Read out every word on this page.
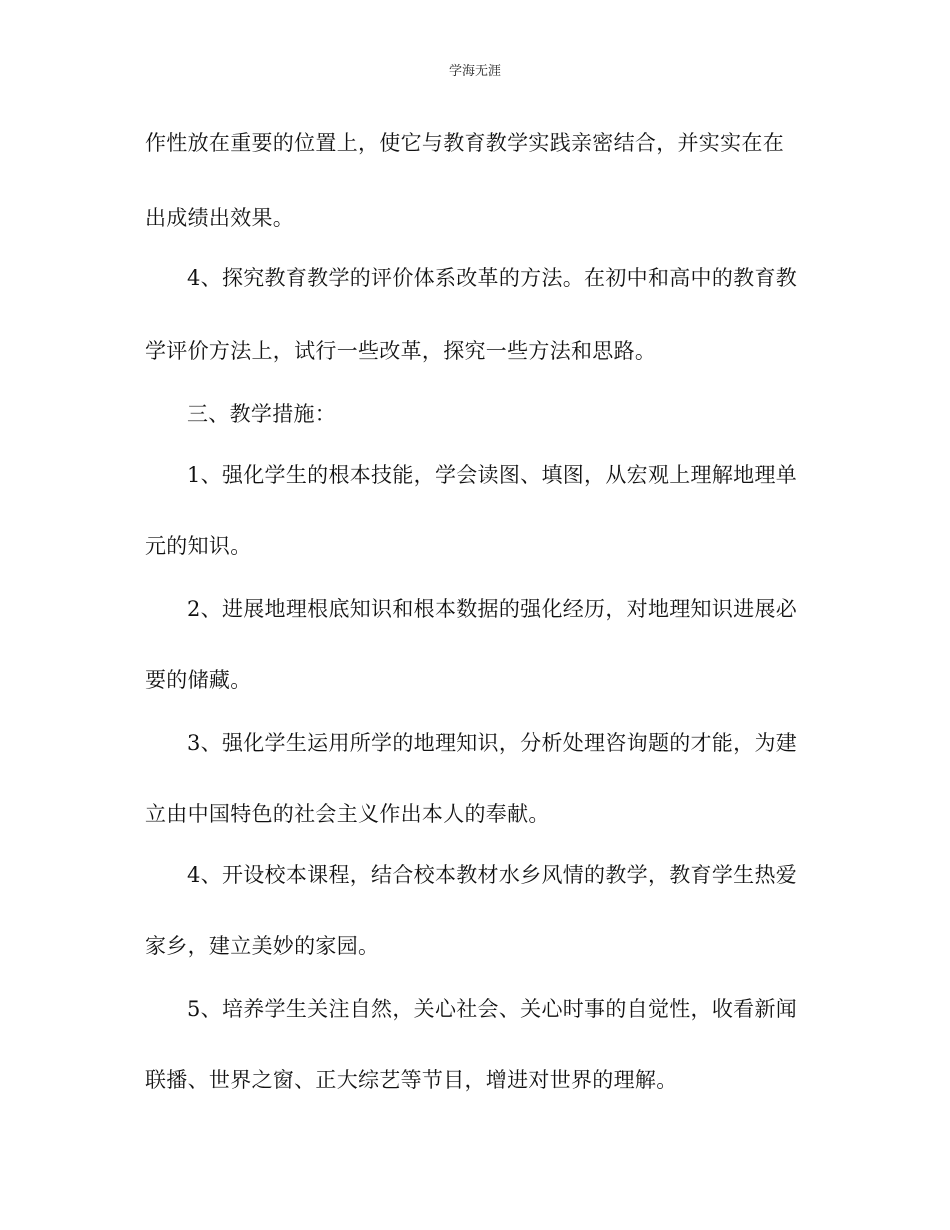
学海无涯
作性放在重要的位置上，使它与教育教学实践亲密结合，并实实在在
出成绩出效果。
4、探究教育教学的评价体系改革的方法。在初中和高中的教育教
学评价方法上，试行一些改革，探究一些方法和思路。
三、教学措施：
1、强化学生的根本技能，学会读图、填图，从宏观上理解地理单
元的知识。
2、进展地理根底知识和根本数据的强化经历，对地理知识进展必
要的储藏。
3、强化学生运用所学的地理知识，分析处理咨询题的才能，为建
立由中国特色的社会主义作出本人的奉献。
4、开设校本课程，结合校本教材水乡风情的教学，教育学生热爱
家乡，建立美妙的家园。
5、培养学生关注自然，关心社会、关心时事的自觉性，收看新闻
联播、世界之窗、正大综艺等节目，增进对世界的理解。
